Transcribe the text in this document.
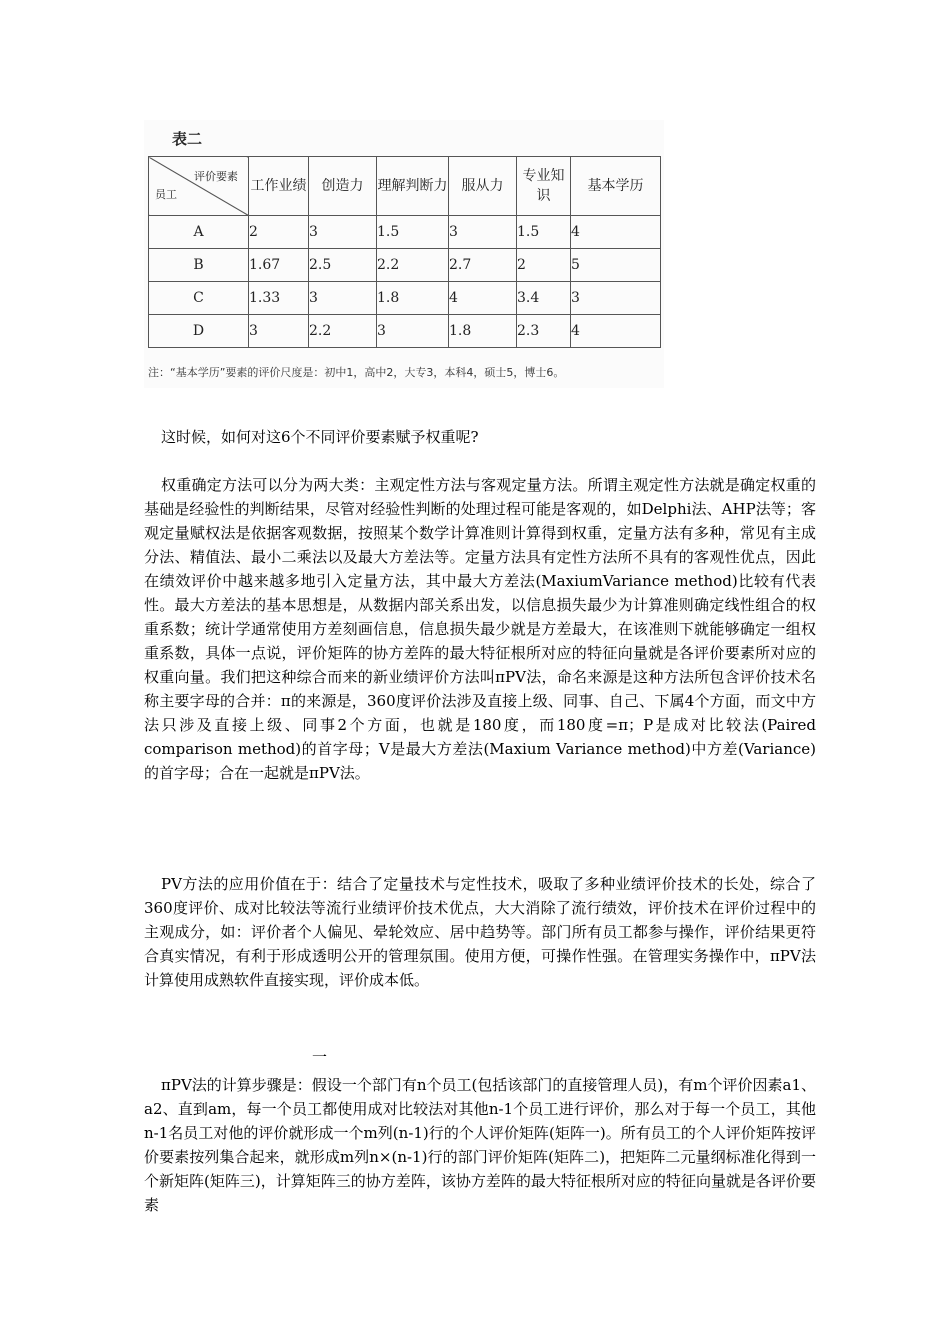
表二
评价要素
员工	工作业绩	创造力	理解判断力	服从力	专业知识	基本学历
A	2	3	1.5	3	1.5	4
B	1.67	2.5	2.2	2.7	2	5
C	1.33	3	1.8	4	3.4	3
D	3	2.2	3	1.8	2.3	4
注：“基本学历”要素的评价尺度是：初中1，高中2，大专3，本科4，硕士5，博士6。

这时候，如何对这6个不同评价要素赋予权重呢?

权重确定方法可以分为两大类：主观定性方法与客观定量方法。所谓主观定性方法就是确定权重的基础是经验性的判断结果，尽管对经验性判断的处理过程可能是客观的，如Delphi法、AHP法等；客观定量赋权法是依据客观数据，按照某个数学计算准则计算得到权重，定量方法有多种，常见有主成分法、精值法、最小二乘法以及最大方差法等。定量方法具有定性方法所不具有的客观性优点，因此在绩效评价中越来越多地引入定量方法，其中最大方差法(MaxiumVariance method)比较有代表性。最大方差法的基本思想是，从数据内部关系出发，以信息损失最少为计算准则确定线性组合的权重系数；统计学通常使用方差刻画信息，信息损失最少就是方差最大，在该准则下就能够确定一组权重系数，具体一点说，评价矩阵的协方差阵的最大特征根所对应的特征向量就是各评价要素所对应的权重向量。我们把这种综合而来的新业绩评价方法叫πPV法，命名来源是这种方法所包含评价技术名称主要字母的合并：π的来源是，360度评价法涉及直接上级、同事、自己、下属4个方面，而文中方法只涉及直接上级、同事2个方面，也就是180度，而180度=π；P是成对比较法(Paired comparison method)的首字母；V是最大方差法(Maxium Variance method)中方差(Variance)的首字母；合在一起就是πPV法。

PV方法的应用价值在于：结合了定量技术与定性技术，吸取了多种业绩评价技术的长处，综合了360度评价、成对比较法等流行业绩评价技术优点，大大消除了流行绩效，评价技术在评价过程中的主观成分，如：评价者个人偏见、晕轮效应、居中趋势等。部门所有员工都参与操作，评价结果更符合真实情况，有利于形成透明公开的管理氛围。使用方便，可操作性强。在管理实务操作中，πPV法计算使用成熟软件直接实现，评价成本低。

一

πPV法的计算步骤是：假设一个部门有n个员工(包括该部门的直接管理人员)，有m个评价因素a1、a2、直到am，每一个员工都使用成对比较法对其他n-1个员工进行评价，那么对于每一个员工，其他n-1名员工对他的评价就形成一个m列(n-1)行的个人评价矩阵(矩阵一)。所有员工的个人评价矩阵按评价要素按列集合起来，就形成m列n×(n-1)行的部门评价矩阵(矩阵二)，把矩阵二元量纲标准化得到一个新矩阵(矩阵三)，计算矩阵三的协方差阵，该协方差阵的最大特征根所对应的特征向量就是各评价要素
